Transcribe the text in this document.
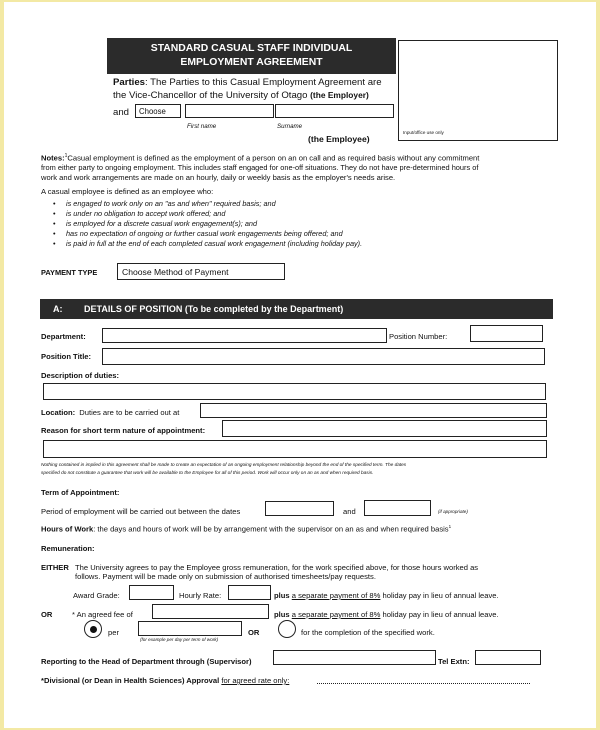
STANDARD CASUAL STAFF INDIVIDUAL
EMPLOYMENT AGREEMENT
Input/office use only
Parties: The Parties to this Casual Employment Agreement are
the Vice-Chancellor of the University of Otago (the Employer)
and Choose
First name	Surname
(the Employee)
Notes:$^1$Casual employment is defined as the employment of a person on an on call and as required basis without any commitment
from either party to ongoing employment. This includes staff engaged for one-off situations. They do not have pre-determined hours of
work and work arrangements are made on an hourly, daily or weekly basis as the employer's needs arise.
A casual employee is defined as an employee who:
• is engaged to work only on an "as and when" required basis; and
• is under no obligation to accept work offered; and
• is employed for a discrete casual work engagement(s); and
• has no expectation of ongoing or further casual work engagements being offered; and
• is paid in full at the end of each completed casual work engagement (including holiday pay).
PAYMENT TYPE	Choose Method of Payment
A: DETAILS OF POSITION (To be completed by the Department)
Department:	Position Number:
Position Title:
Description of duties:
Location: Duties are to be carried out at
Reason for short term nature of appointment:
Nothing contained in implied in this agreement shall be made to create an expectation of an ongoing employment relationship beyond the end of the specified term. The dates
specified do not constitute a guarantee that work will be available to the Employee for all of this period. Work will occur only on an as and when required basis.
Term of Appointment:
Period of employment will be carried out between the dates	and	(if appropriate)
Hours of Work: the days and hours of work will be by arrangement with the supervisor on an as and when required basis$^1$
Remuneration:
EITHER The University agrees to pay the Employee gross remuneration, for the work specified above, for those hours worked as
follows. Payment will be made only on submission of authorised timesheets/pay requests.
Award Grade:	Hourly Rate:	plus a separate payment of 8% holiday pay in lieu of annual leave.
OR	* An agreed fee of	plus a separate payment of 8% holiday pay in lieu of annual leave.
per
(for example per day per term of work)
OR	for the completion of the specified work.
Reporting to the Head of Department through (Supervisor)	Tel Extn:
*Divisional (or Dean in Health Sciences) Approval for agreed rate only:
